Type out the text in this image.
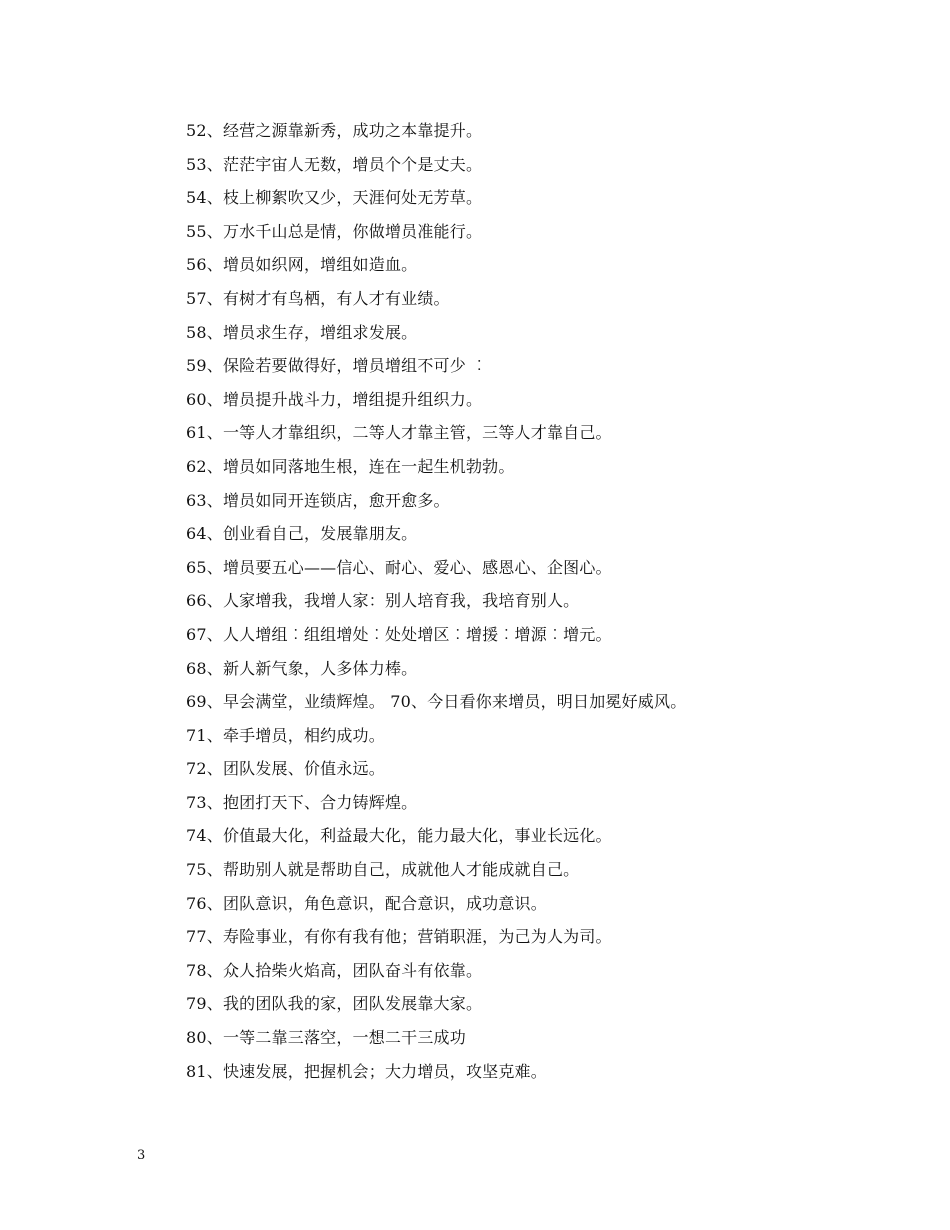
52、经营之源靠新秀，成功之本靠提升。
53、茫茫宇宙人无数，增员个个是丈夫。
54、枝上柳絮吹又少，天涯何处无芳草。
55、万水千山总是情，你做增员准能行。
56、增员如织网，增组如造血。
57、有树才有鸟栖，有人才有业绩。
58、增员求生存，增组求发展。
59、保险若要做得好，增员增组不可少 ︰
60、增员提升战斗力，增组提升组织力。
61、一等人才靠组织，二等人才靠主管，三等人才靠自己。
62、增员如同落地生根，连在一起生机勃勃。
63、增员如同开连锁店，愈开愈多。
64、创业看自己，发展靠朋友。
65、增员要五心——信心、耐心、爱心、感恩心、企图心。
66、人家增我，我增人家：别人培育我，我培育别人。
67、人人增组︰组组增处︰处处增区︰增援︰增源︰增元。
68、新人新气象，人多体力棒。
69、早会满堂，业绩辉煌。 70、今日看你来增员，明日加冕好威风。
71、牵手增员，相约成功。
72、团队发展、价值永远。
73、抱团打天下、合力铸辉煌。
74、价值最大化，利益最大化，能力最大化，事业长远化。
75、帮助别人就是帮助自己，成就他人才能成就自己。
76、团队意识，角色意识，配合意识，成功意识。
77、寿险事业，有你有我有他；营销职涯，为己为人为司。
78、众人拾柴火焰高，团队奋斗有依靠。
79、我的团队我的家，团队发展靠大家。
80、一等二靠三落空，一想二干三成功
81、快速发展，把握机会；大力增员，攻坚克难。
3
